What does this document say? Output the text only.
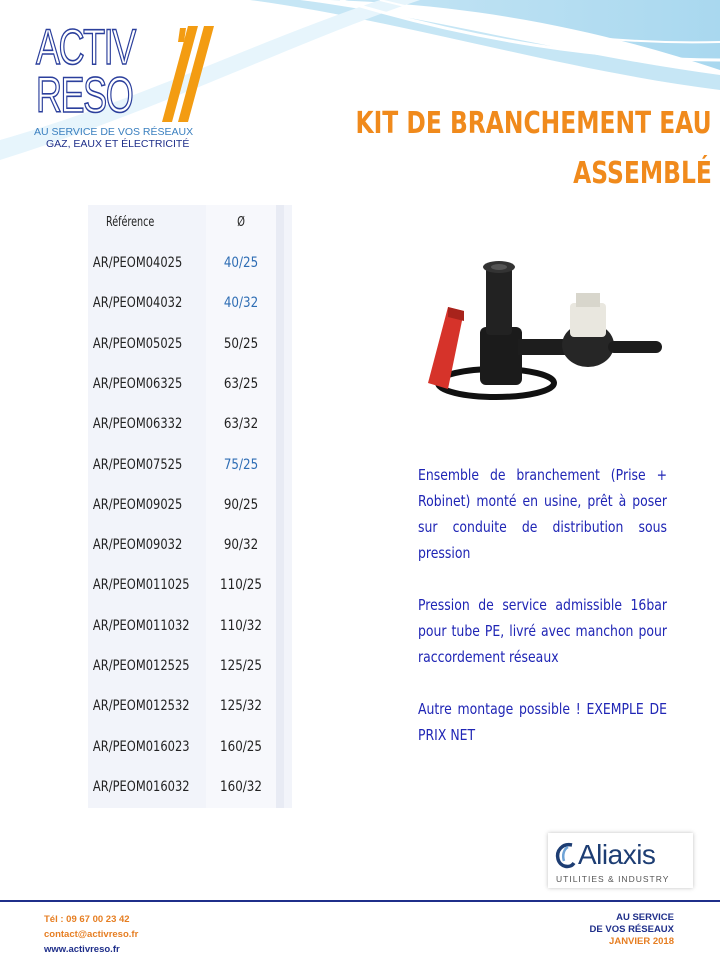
ACTIV
RESO
AU SERVICE DE VOS RÉSEAUX
GAZ, EAUX ET ÉLECTRICITÉ
KIT DE BRANCHEMENT EAU
ASSEMBLÉ
Référence	Ø
AR/PEOM04025	40/25
AR/PEOM04032	40/32
AR/PEOM05025	50/25
AR/PEOM06325	63/25
AR/PEOM06332	63/32
AR/PEOM07525	75/25
AR/PEOM09025	90/25
AR/PEOM09032	90/32
AR/PEOM011025	110/25
AR/PEOM011032	110/32
AR/PEOM012525	125/25
AR/PEOM012532	125/32
AR/PEOM016023	160/25
AR/PEOM016032	160/32

Ensemble de branchement (Prise + Robinet) monté en usine, prêt à poser sur conduite de distribution sous pression

Pression de service admissible 16bar pour tube PE, livré avec manchon pour raccordement réseaux

Autre montage possible ! EXEMPLE DE PRIX NET

Aliaxis
UTILITIES & INDUSTRY
Tél : 09 67 00 23 42
contact@activreso.fr
www.activreso.fr
AU SERVICE
DE VOS RÉSEAUX
JANVIER 2018
